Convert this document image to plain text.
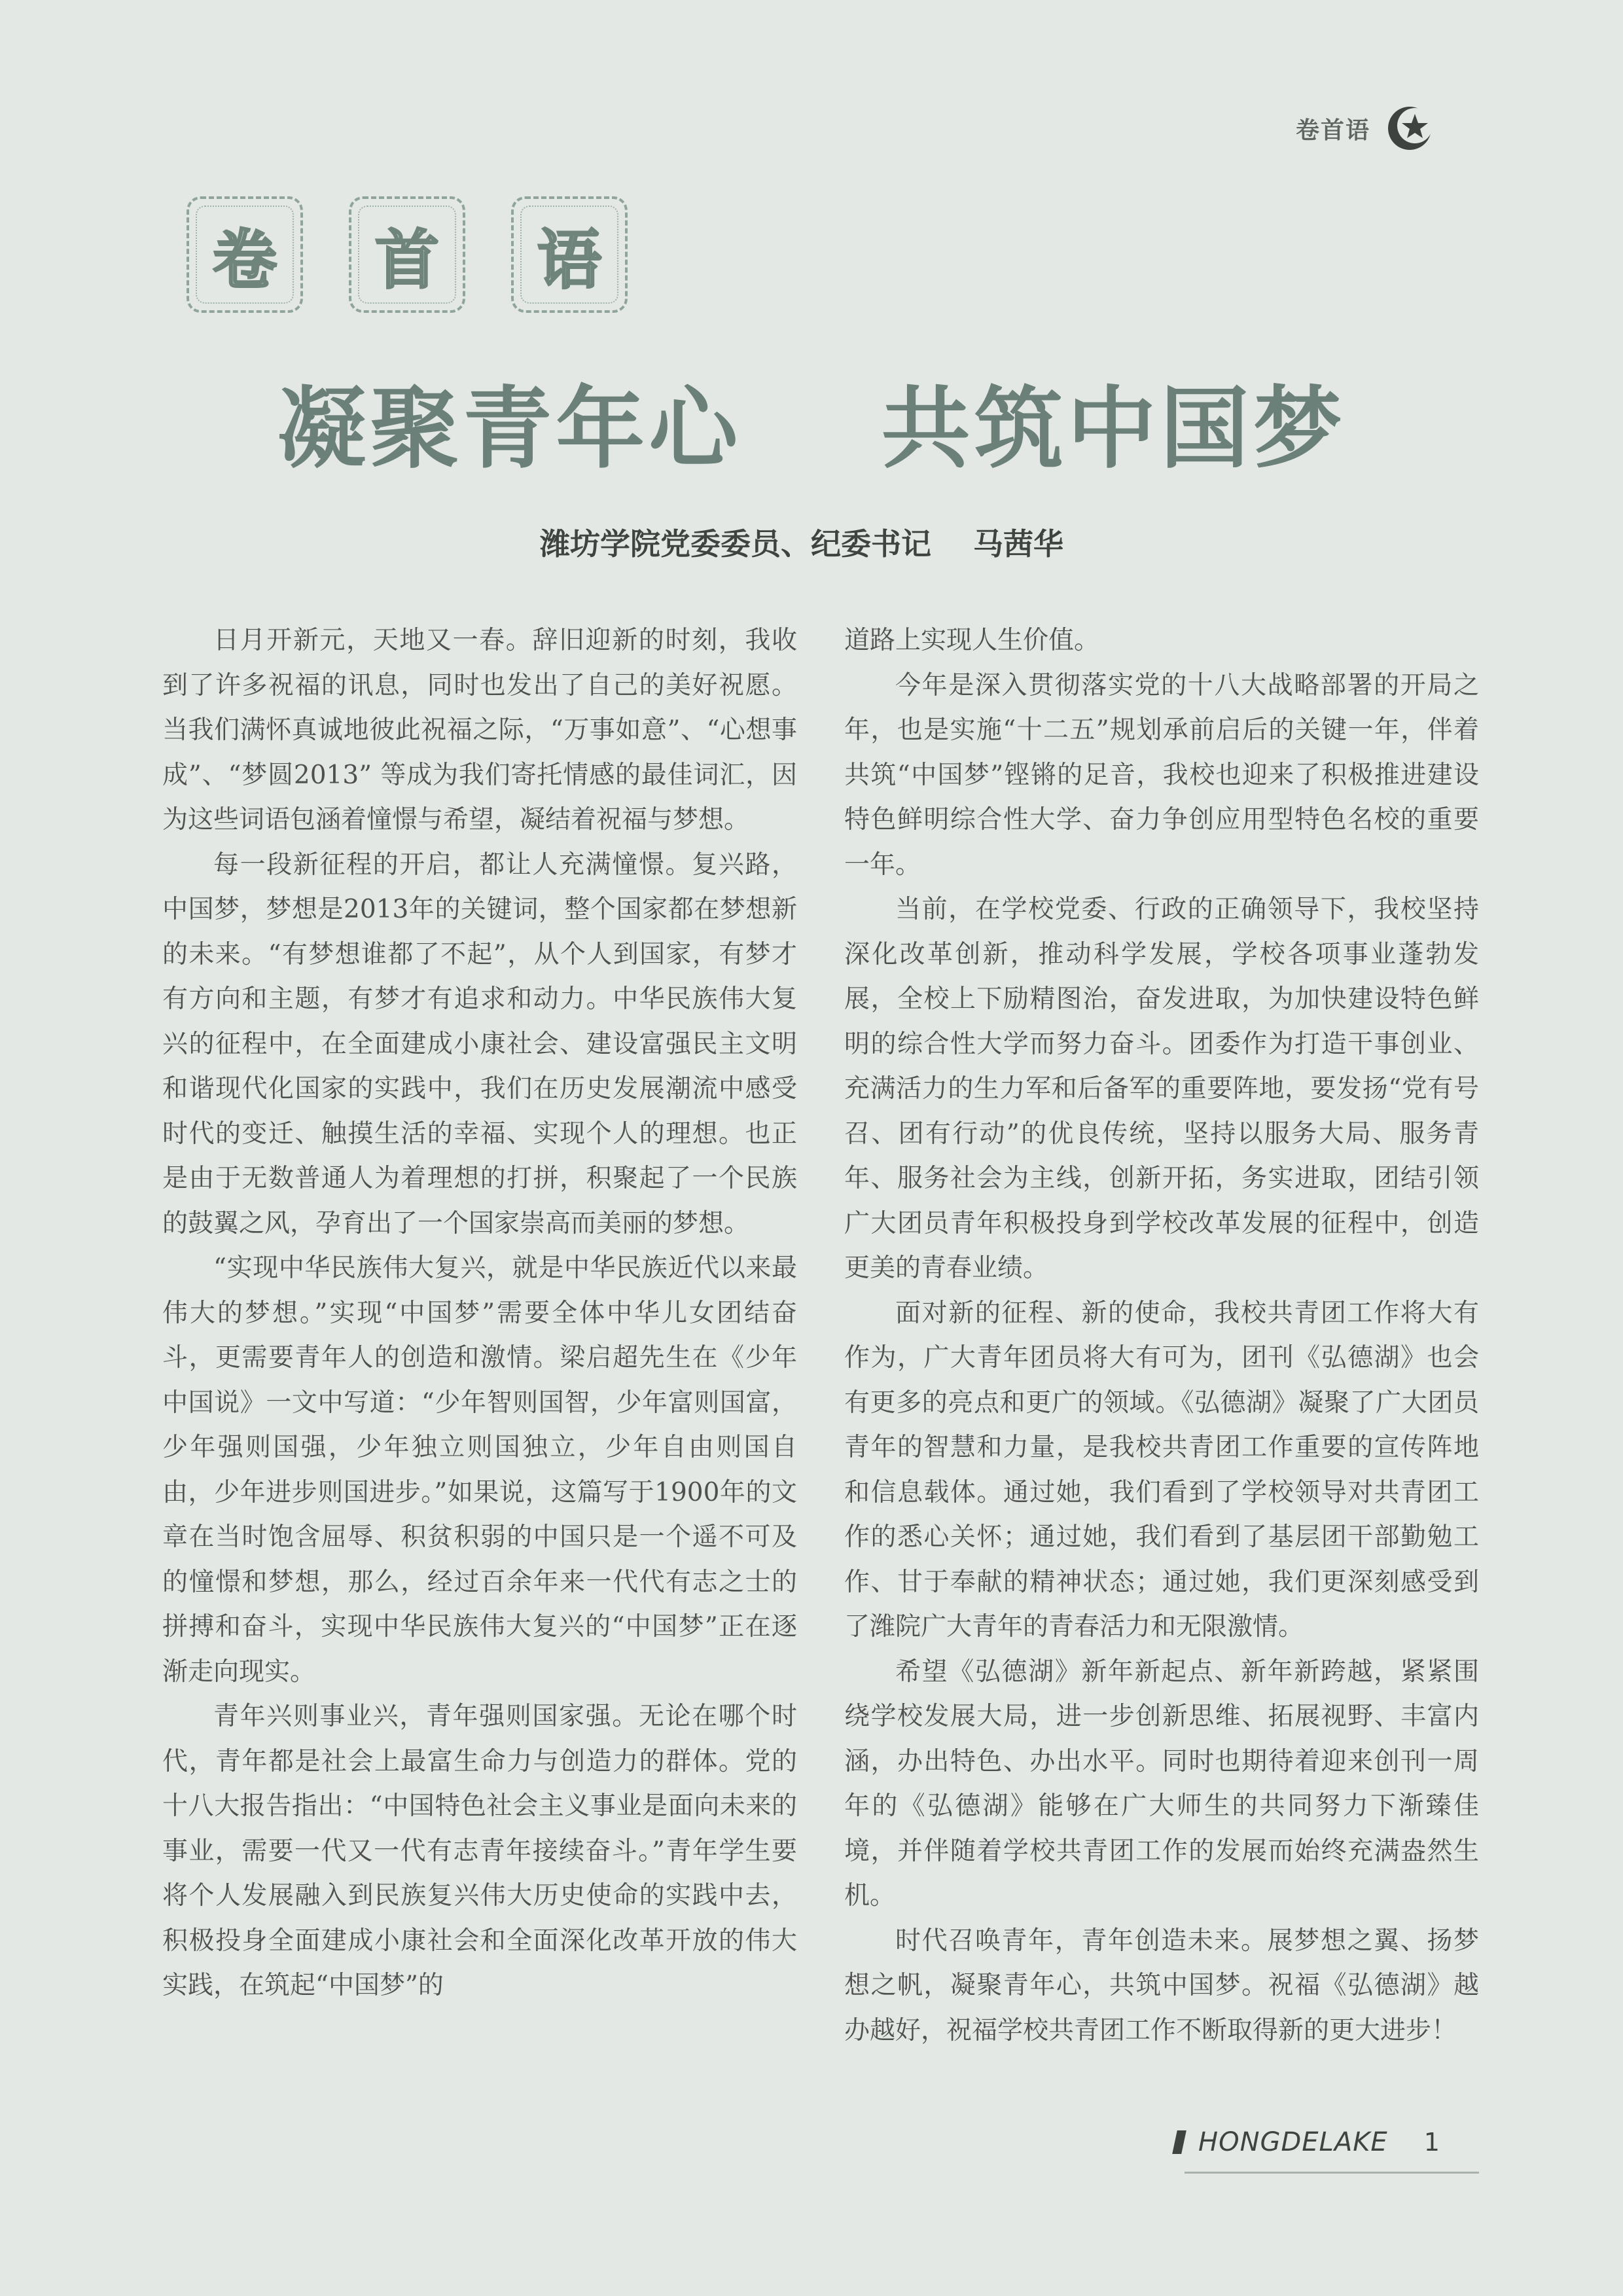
卷首语
卷	首	语
凝聚青年心    共筑中国梦
潍坊学院党委委员、纪委书记    马茜华

日月开新元，天地又一春。辞旧迎新的时刻，我收到了许多祝福的讯息，同时也发出了自己的美好祝愿。当我们满怀真诚地彼此祝福之际，“万事如意”、“心想事成”、“梦圆2013” 等成为我们寄托情感的最佳词汇，因为这些词语包涵着憧憬与希望，凝结着祝福与梦想。

每一段新征程的开启，都让人充满憧憬。复兴路，中国梦，梦想是2013年的关键词，整个国家都在梦想新的未来。“有梦想谁都了不起”，从个人到国家，有梦才有方向和主题，有梦才有追求和动力。中华民族伟大复兴的征程中，在全面建成小康社会、建设富强民主文明和谐现代化国家的实践中，我们在历史发展潮流中感受时代的变迁、触摸生活的幸福、实现个人的理想。也正是由于无数普通人为着理想的打拼，积聚起了一个民族的鼓翼之风，孕育出了一个国家崇高而美丽的梦想。

“实现中华民族伟大复兴，就是中华民族近代以来最伟大的梦想。”实现“中国梦”需要全体中华儿女团结奋斗，更需要青年人的创造和激情。梁启超先生在《少年中国说》一文中写道：“少年智则国智，少年富则国富，少年强则国强，少年独立则国独立，少年自由则国自由，少年进步则国进步。”如果说，这篇写于1900年的文章在当时饱含屈辱、积贫积弱的中国只是一个遥不可及的憧憬和梦想，那么，经过百余年来一代代有志之士的拼搏和奋斗，实现中华民族伟大复兴的“中国梦”正在逐渐走向现实。

青年兴则事业兴，青年强则国家强。无论在哪个时代，青年都是社会上最富生命力与创造力的群体。党的十八大报告指出：“中国特色社会主义事业是面向未来的事业，需要一代又一代有志青年接续奋斗。”青年学生要将个人发展融入到民族复兴伟大历史使命的实践中去，积极投身全面建成小康社会和全面深化改革开放的伟大实践，在筑起“中国梦”的

道路上实现人生价值。

今年是深入贯彻落实党的十八大战略部署的开局之年，也是实施“十二五”规划承前启后的关键一年，伴着共筑“中国梦”铿锵的足音，我校也迎来了积极推进建设特色鲜明综合性大学、奋力争创应用型特色名校的重要一年。

当前，在学校党委、行政的正确领导下，我校坚持深化改革创新，推动科学发展，学校各项事业蓬勃发展，全校上下励精图治，奋发进取，为加快建设特色鲜明的综合性大学而努力奋斗。团委作为打造干事创业、充满活力的生力军和后备军的重要阵地，要发扬“党有号召、团有行动”的优良传统，坚持以服务大局、服务青年、服务社会为主线，创新开拓，务实进取，团结引领广大团员青年积极投身到学校改革发展的征程中，创造更美的青春业绩。

面对新的征程、新的使命，我校共青团工作将大有作为，广大青年团员将大有可为，团刊《弘德湖》也会有更多的亮点和更广的领域。《弘德湖》凝聚了广大团员青年的智慧和力量，是我校共青团工作重要的宣传阵地和信息载体。通过她，我们看到了学校领导对共青团工作的悉心关怀；通过她，我们看到了基层团干部勤勉工作、甘于奉献的精神状态；通过她，我们更深刻感受到了潍院广大青年的青春活力和无限激情。

希望《弘德湖》新年新起点、新年新跨越，紧紧围绕学校发展大局，进一步创新思维、拓展视野、丰富内涵，办出特色、办出水平。同时也期待着迎来创刊一周年的《弘德湖》能够在广大师生的共同努力下渐臻佳境，并伴随着学校共青团工作的发展而始终充满盎然生机。

时代召唤青年，青年创造未来。展梦想之翼、扬梦想之帆，凝聚青年心，共筑中国梦。祝福《弘德湖》越办越好，祝福学校共青团工作不断取得新的更大进步！

HONGDELAKE 1
